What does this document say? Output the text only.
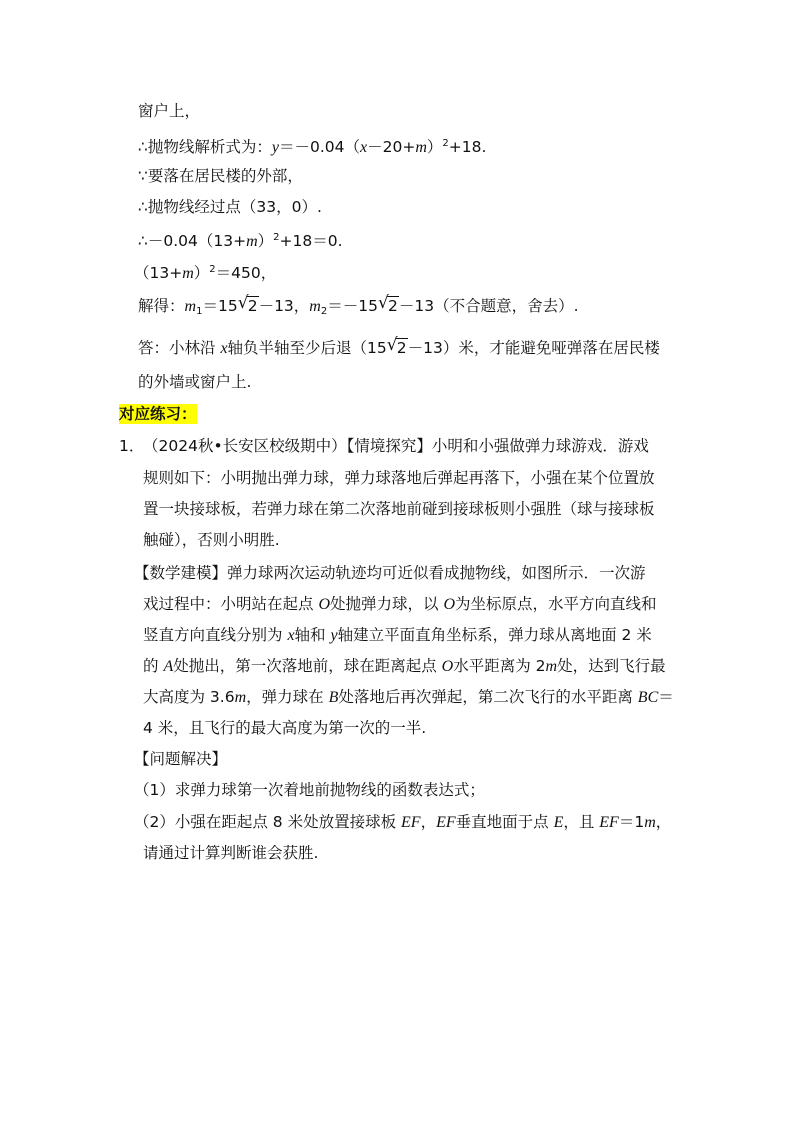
窗户上，
∴抛物线解析式为：$y=-0.04(x-20+m)^2+18$.
∵要落在居民楼的外部，
∴抛物线经过点（33，0）.
$\therefore-0.04(13+m)^2+18=0$.
$(13+m)^2=450$，
解得：$m_1=15$ √ 2－13，$m_2=-15$ √ 2－13（不合题意，舍去）.
答：小林沿 x轴负半轴至少后退（15 √ 2－13）米，才能避免哑弹落在居民楼
的外墙或窗户上.
对应练习：
1．
（2024秋•长安区校级期中）【情境探究】小明和小强做弹力球游戏．游戏
规则如下：小明抛出弹力球，弹力球落地后弹起再落下，小强在某个位置放
置一块接球板，若弹力球在第二次落地前碰到接球板则小强胜（球与接球板
触碰），否则小明胜.
【数学建模】弹力球两次运动轨迹均可近似看成抛物线，如图所示．一次游
戏过程中：小明站在起点 O处抛弹力球，以 O为坐标原点，水平方向直线和
竖直方向直线分别为 x轴和 y轴建立平面直角坐标系，弹力球从离地面 2 米
的 A处抛出，第一次落地前，球在距离起点 O水平距离为 2m处，达到飞行最
大高度为 3.6m，弹力球在 B处落地后再次弹起，第二次飞行的水平距离 BC＝
4 米，且飞行的最大高度为第一次的一半.
【问题解决】
（1）求弹力球第一次着地前抛物线的函数表达式；
（2）小强在距起点 8 米处放置接球板 EF，EF垂直地面于点 E，且 EF＝1m，
请通过计算判断谁会获胜.
